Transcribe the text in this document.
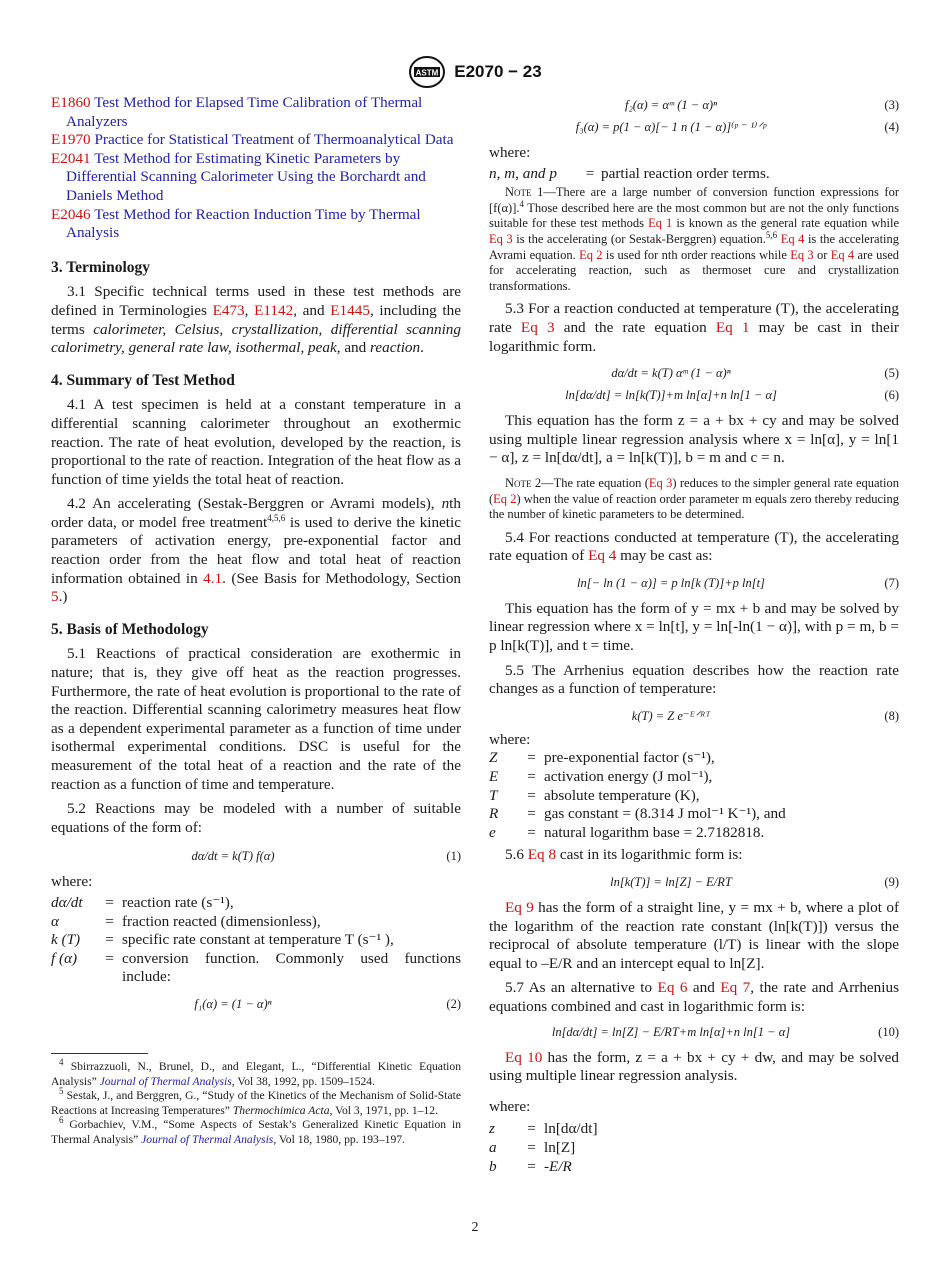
ASTM E2070 − 23

E1860 Test Method for Elapsed Time Calibration of Thermal Analyzers

E1970 Practice for Statistical Treatment of Thermoanalytical Data

E2041 Test Method for Estimating Kinetic Parameters by Differential Scanning Calorimeter Using the Borchardt and Daniels Method

E2046 Test Method for Reaction Induction Time by Thermal Analysis

3. Terminology

3.1 Specific technical terms used in these test methods are defined in Terminologies E473, E1142, and E1445, including the terms calorimeter, Celsius, crystallization, differential scanning calorimetry, general rate law, isothermal, peak, and reaction.

4. Summary of Test Method

4.1 A test specimen is held at a constant temperature in a differential scanning calorimeter throughout an exothermic reaction. The rate of heat evolution, developed by the reaction, is proportional to the rate of reaction. Integration of the heat flow as a function of time yields the total heat of reaction.

4.2 An accelerating (Sestak-Berggren or Avrami models), nth order data, or model free treatment$^{4,5,6}$ is used to derive the kinetic parameters of activation energy, pre-exponential factor and reaction order from the heat flow and total heat of reaction information obtained in 4.1. (See Basis for Methodology, Section 5.)

5. Basis of Methodology

5.1 Reactions of practical consideration are exothermic in nature; that is, they give off heat as the reaction progresses. Furthermore, the rate of heat evolution is proportional to the rate of the reaction. Differential scanning calorimetry measures heat flow as a dependent experimental parameter as a function of time under isothermal experimental conditions. DSC is useful for the measurement of the total heat of a reaction and the rate of the reaction as a function of time and temperature.

5.2 Reactions may be modeled with a number of suitable equations of the form of:

dα/dt = k(T) f(α)	(1)

where:

dα/dt	= reaction rate (s⁻¹),
α	= fraction reacted (dimensionless),
k (T)	= specific rate constant at temperature T (s⁻¹ ),
f (α)	= conversion function. Commonly used functions include:
f₁(α) = (1 − α)ⁿ	(2)

$^4$ Sbirrazzuoli, N., Brunel, D., and Elegant, L., “Differential Kinetic Equation Analysis” Journal of Thermal Analysis, Vol 38, 1992, pp. 1509–1524.

$^5$ Sestak, J., and Berggren, G., “Study of the Kinetics of the Mechanism of Solid-State Reactions at Increasing Temperatures” Thermochimica Acta, Vol 3, 1971, pp. 1–12.

$^6$ Gorbachiev, V.M., “Some Aspects of Sestak’s Generalized Kinetic Equation in Thermal Analysis” Journal of Thermal Analysis, Vol 18, 1980, pp. 193–197.

f₂(α) = αᵐ (1 − α)ⁿ	(3)
f₃(α) = p(1 − α)[− 1 n (1 − α)]⁽ᵖ ⁻ ¹⁾ᐟᵖ	(4)

where:

n, m, and p	= partial reaction order terms.

Note 1—There are a large number of conversion function expressions for [f(α)].$^4$ Those described here are the most common but are not the only functions suitable for these test methods Eq 1 is known as the general rate equation while Eq 3 is the accelerating (or Sestak-Berggren) equation.$^{5,6}$ Eq 4 is the accelerating Avrami equation. Eq 2 is used for nth order reactions while Eq 3 or Eq 4 are used for accelerating reaction, such as thermoset cure and crystallization transformations.

5.3 For a reaction conducted at temperature (T), the accelerating rate Eq 3 and the rate equation Eq 1 may be cast in their logarithmic form.

dα/dt = k(T) αᵐ (1 − α)ⁿ	(5)
ln[dα/dt] = ln[k(T)]+m ln[α]+n ln[1 − α]	(6)

This equation has the form z = a + bx + cy and may be solved using multiple linear regression analysis where x = ln[α], y = ln[1 − α], z = ln[dα/dt], a = ln[k(T)], b = m and c = n.

Note 2—The rate equation (Eq 3) reduces to the simpler general rate equation (Eq 2) when the value of reaction order parameter m equals zero thereby reducing the number of kinetic parameters to be determined.

5.4 For reactions conducted at temperature (T), the accelerating rate equation of Eq 4 may be cast as:

ln[− ln (1 − α)] = p ln[k (T)]+p ln[t]	(7)

This equation has the form of y = mx + b and may be solved by linear regression where x = ln[t], y = ln[-ln(1 − α)], with p = m, b = p ln[k(T)], and t = time.

5.5 The Arrhenius equation describes how the reaction rate changes as a function of temperature:

k(T) = Z e⁻ᴱᐟᴿᵀ	(8)

where:

Z	= pre-exponential factor (s⁻¹),
E	= activation energy (J mol⁻¹),
T	= absolute temperature (K),
R	= gas constant = (8.314 J mol⁻¹ K⁻¹), and
e	= natural logarithm base = 2.7182818.

5.6 Eq 8 cast in its logarithmic form is:

ln[k(T)] = ln[Z] − E/RT	(9)

Eq 9 has the form of a straight line, y = mx + b, where a plot of the logarithm of the reaction rate constant (ln[k(T)]) versus the reciprocal of absolute temperature (l/T) is linear with the slope equal to –E/R and an intercept equal to ln[Z].

5.7 As an alternative to Eq 6 and Eq 7, the rate and Arrhenius equations combined and cast in logarithmic form is:

ln[dα/dt] = ln[Z] − E/RT+m ln[α]+n ln[1 − α]	(10)

Eq 10 has the form, z = a + bx + cy + dw, and may be solved using multiple linear regression analysis.

where:

z	= ln[dα/dt]
a	= ln[Z]
b	= -E/R
2
